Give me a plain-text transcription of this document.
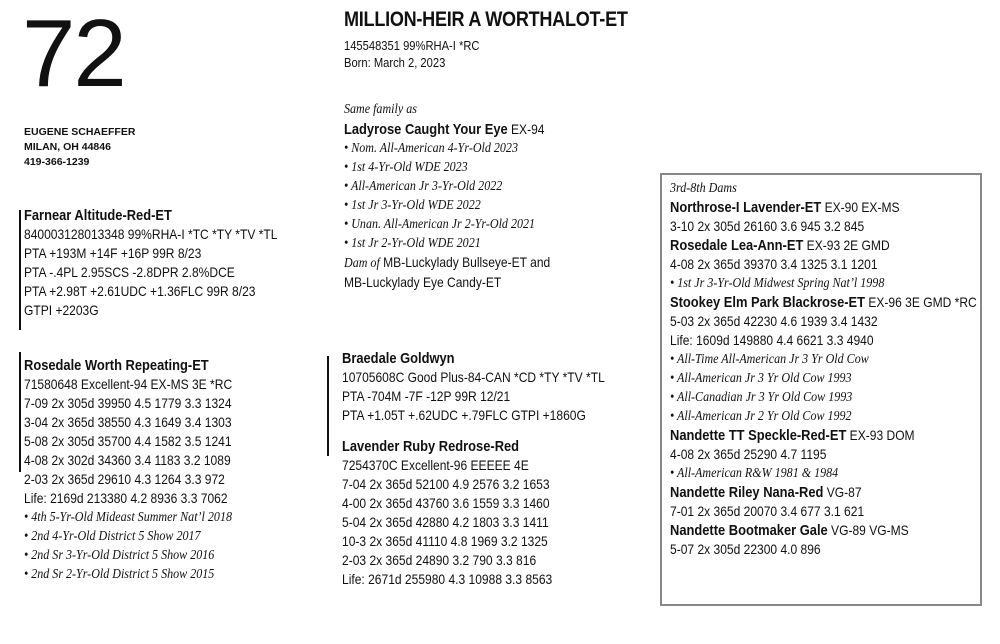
72
EUGENE SCHAEFFER
MILAN, OH 44846
419-366-1239
MILLION-HEIR A WORTHALOT-ET
145548351 99%RHA-I *RC
Born: March 2, 2023
Same family as
Ladyrose Caught Your Eye EX-94
• Nom. All-American 4-Yr-Old 2023
• 1st 4-Yr-Old WDE 2023
• All-American Jr 3-Yr-Old 2022
• 1st Jr 3-Yr-Old WDE 2022
• Unan. All-American Jr 2-Yr-Old 2021
• 1st Jr 2-Yr-Old WDE 2021
Dam of MB-Luckylady Bullseye-ET and
MB-Luckylady Eye Candy-ET
Farnear Altitude-Red-ET
840003128013348 99%RHA-I *TC *TY *TV *TL
PTA +193M +14F +16P 99R 8/23
PTA -.4PL 2.95SCS -2.8DPR 2.8%DCE
PTA +2.98T +2.61UDC +1.36FLC 99R 8/23
GTPI +2203G
Rosedale Worth Repeating-ET
71580648 Excellent-94 EX-MS 3E *RC
7-09 2x 305d 39950 4.5 1779 3.3 1324
3-04 2x 365d 38550 4.3 1649 3.4 1303
5-08 2x 305d 35700 4.4 1582 3.5 1241
4-08 2x 302d 34360 3.4 1183 3.2 1089
2-03 2x 365d 29610 4.3 1264 3.3 972
Life: 2169d 213380 4.2 8936 3.3 7062
• 4th 5-Yr-Old Mideast Summer Nat’l 2018
• 2nd 4-Yr-Old District 5 Show 2017
• 2nd Sr 3-Yr-Old District 5 Show 2016
• 2nd Sr 2-Yr-Old District 5 Show 2015
Braedale Goldwyn
10705608C Good Plus-84-CAN *CD *TY *TV *TL
PTA -704M -7F -12P 99R 12/21
PTA +1.05T +.62UDC +.79FLC GTPI +1860G
Lavender Ruby Redrose-Red
7254370C Excellent-96 EEEEE 4E
7-04 2x 365d 52100 4.9 2576 3.2 1653
4-00 2x 365d 43760 3.6 1559 3.3 1460
5-04 2x 365d 42880 4.2 1803 3.3 1411
10-3 2x 365d 41110 4.8 1969 3.2 1325
2-03 2x 365d 24890 3.2 790 3.3 816
Life: 2671d 255980 4.3 10988 3.3 8563
3rd-8th Dams
Northrose-I Lavender-ET EX-90 EX-MS
3-10 2x 305d 26160 3.6 945 3.2 845
Rosedale Lea-Ann-ET EX-93 2E GMD
4-08 2x 365d 39370 3.4 1325 3.1 1201
• 1st Jr 3-Yr-Old Midwest Spring Nat’l 1998
Stookey Elm Park Blackrose-ET EX-96 3E GMD *RC
5-03 2x 365d 42230 4.6 1939 3.4 1432
Life: 1609d 149880 4.4 6621 3.3 4940
• All-Time All-American Jr 3 Yr Old Cow
• All-American Jr 3 Yr Old Cow 1993
• All-Canadian Jr 3 Yr Old Cow 1993
• All-American Jr 2 Yr Old Cow 1992
Nandette TT Speckle-Red-ET EX-93 DOM
4-08 2x 365d 25290 4.7 1195
• All-American R&W 1981 & 1984
Nandette Riley Nana-Red VG-87
7-01 2x 365d 20070 3.4 677 3.1 621
Nandette Bootmaker Gale VG-89 VG-MS
5-07 2x 305d 22300 4.0 896
